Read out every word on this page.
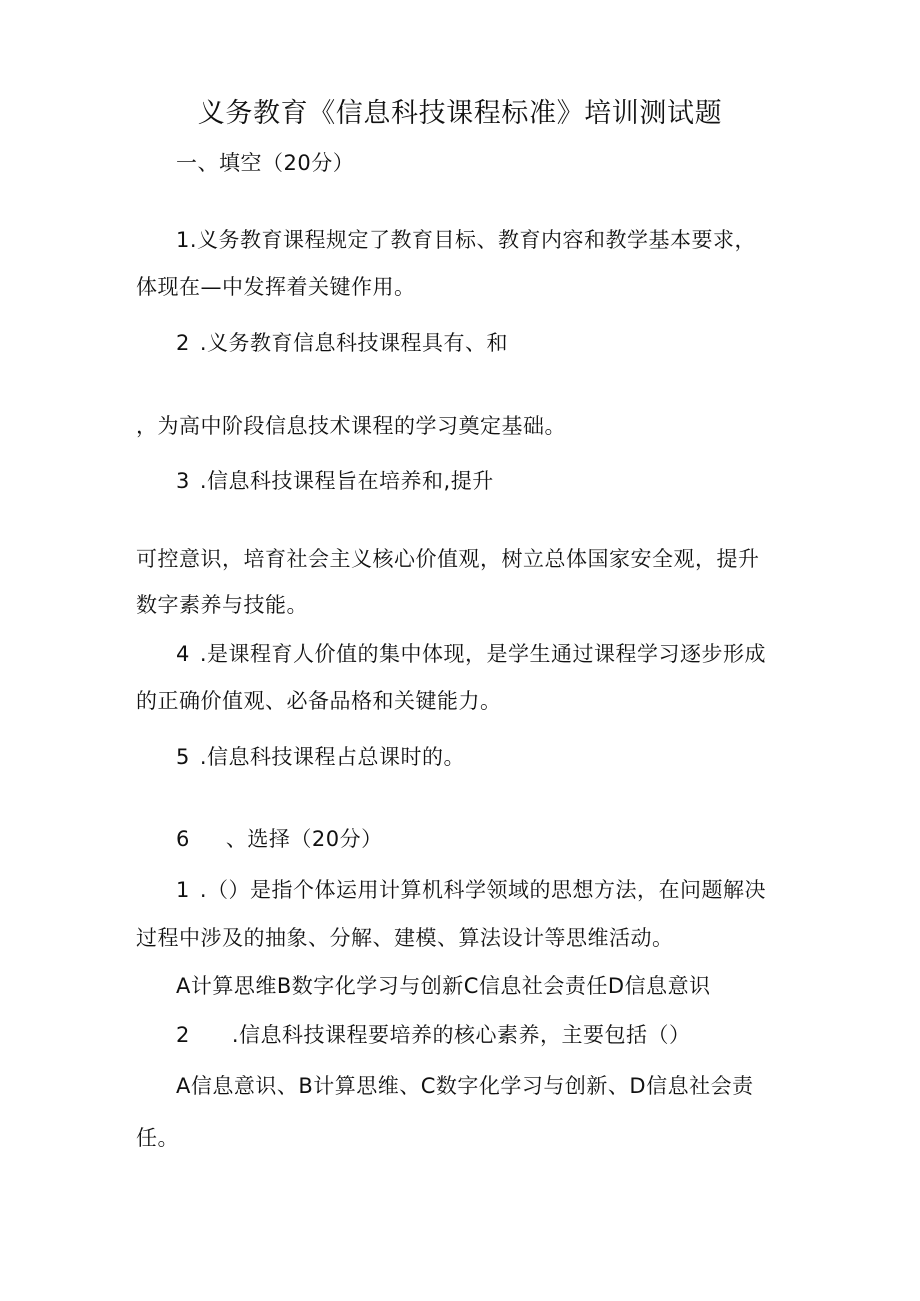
义务教育《信息科技课程标准》培训测试题
一、填空（20分）
1.义务教育课程规定了教育目标、教育内容和教学基本要求，
体现在—中发挥着关键作用。
2 .义务教育信息科技课程具有、和
，为高中阶段信息技术课程的学习奠定基础。
3 .信息科技课程旨在培养和,提升
可控意识，培育社会主义核心价值观，树立总体国家安全观，提升
数字素养与技能。
4 .是课程育人价值的集中体现，是学生通过课程学习逐步形成
的正确价值观、必备品格和关键能力。
5 .信息科技课程占总课时的。
6 、选择（20分）
1 .（）是指个体运用计算机科学领域的思想方法，在问题解决
过程中涉及的抽象、分解、建模、算法设计等思维活动。
A计算思维B数字化学习与创新C信息社会责任D信息意识
2 .信息科技课程要培养的核心素养，主要包括（）
A信息意识、B计算思维、C数字化学习与创新、D信息社会责
任。
